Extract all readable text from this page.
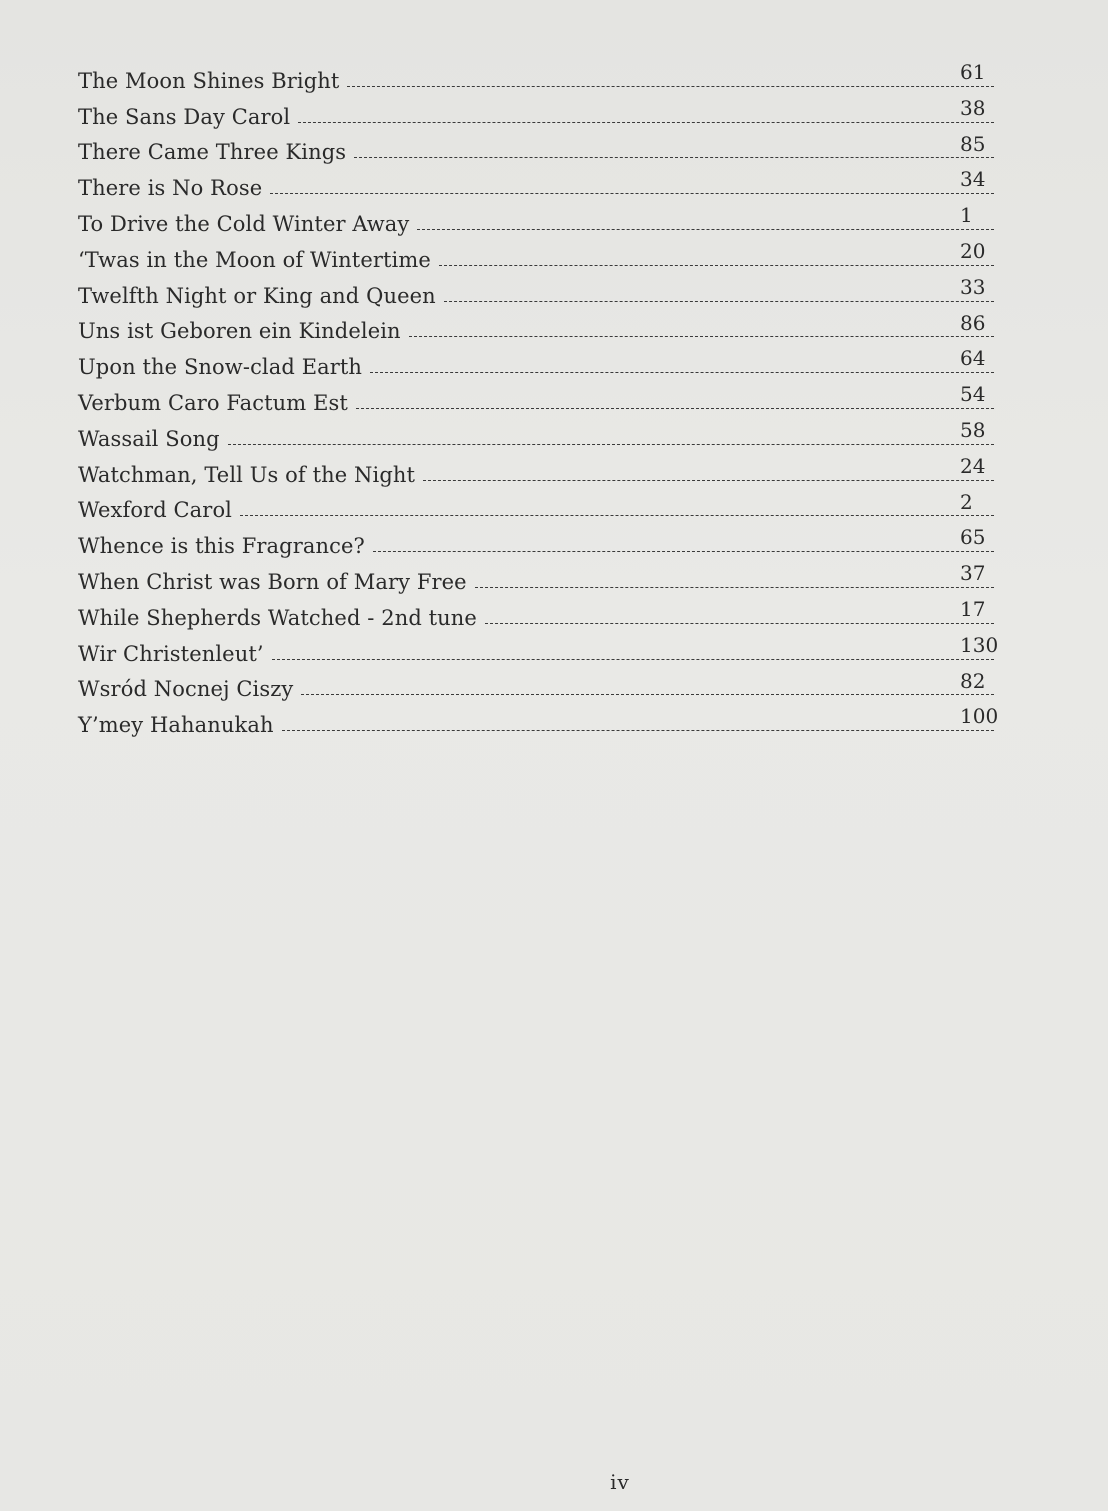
The Moon Shines Bright	61
The Sans Day Carol	38
There Came Three Kings	85
There is No Rose	34
To Drive the Cold Winter Away	1
‘Twas in the Moon of Wintertime	20
Twelfth Night or King and Queen	33
Uns ist Geboren ein Kindelein	86
Upon the Snow-clad Earth	64
Verbum Caro Factum Est	54
Wassail Song	58
Watchman, Tell Us of the Night	24
Wexford Carol	2
Whence is this Fragrance?	65
When Christ was Born of Mary Free	37
While Shepherds Watched - 2nd tune	17
Wir Christenleut’	130
Wsród Nocnej Ciszy	82
Y’mey Hahanukah	100
iv
